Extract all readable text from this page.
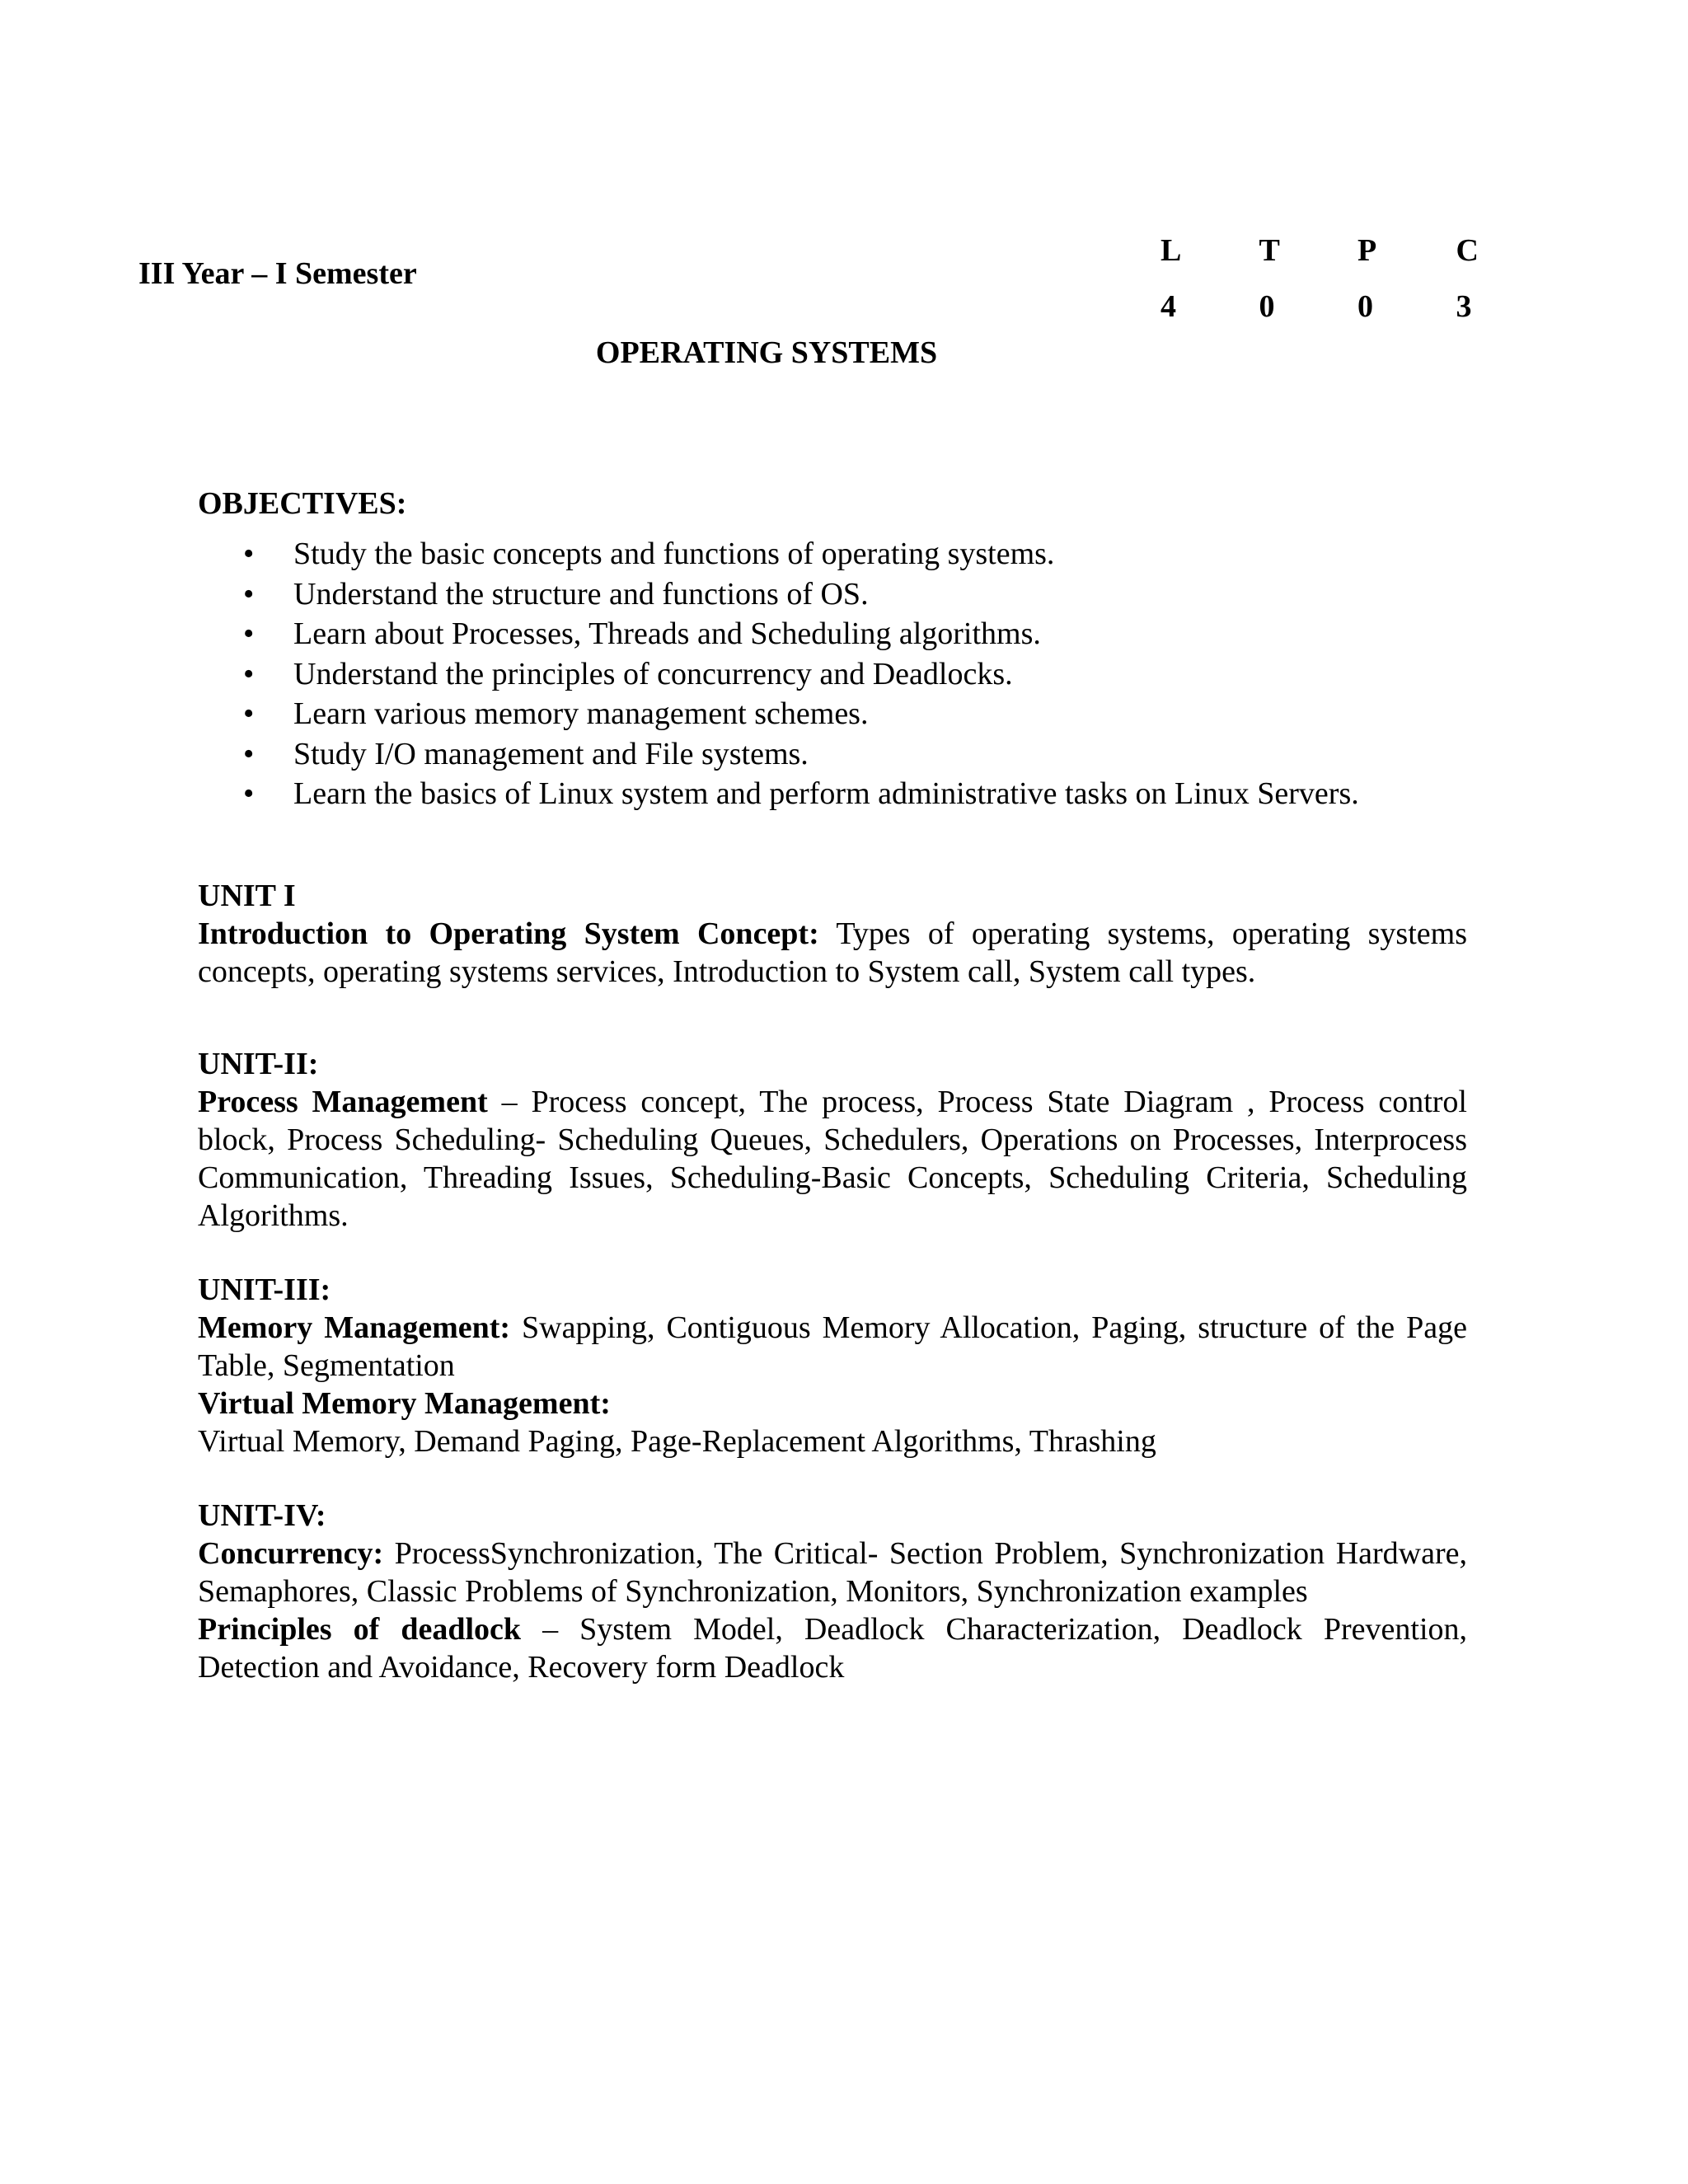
III Year – I Semester
L	T	P	C
4	0	0	3
OPERATING SYSTEMS
OBJECTIVES:
• Study the basic concepts and functions of operating systems.
• Understand the structure and functions of OS.
• Learn about Processes, Threads and Scheduling algorithms.
• Understand the principles of concurrency and Deadlocks.
• Learn various memory management schemes.
• Study I/O management and File systems.
• Learn the basics of Linux system and perform administrative tasks on Linux Servers.
UNIT I

Introduction to Operating System Concept: Types of operating systems, operating systems concepts, operating systems services, Introduction to System call, System call types.

UNIT-II:

Process Management – Process concept, The process, Process State Diagram , Process control block, Process Scheduling- Scheduling Queues, Schedulers, Operations on Processes, Interprocess Communication, Threading Issues, Scheduling-Basic Concepts, Scheduling Criteria, Scheduling Algorithms.

UNIT-III:

Memory Management: Swapping, Contiguous Memory Allocation, Paging, structure of the Page Table, Segmentation

Virtual Memory Management:

Virtual Memory, Demand Paging, Page-Replacement Algorithms, Thrashing

UNIT-IV:

Concurrency: ProcessSynchronization, The Critical- Section Problem, Synchronization Hardware, Semaphores, Classic Problems of Synchronization, Monitors, Synchronization examples

Principles of deadlock – System Model, Deadlock Characterization, Deadlock Prevention, Detection and Avoidance, Recovery form Deadlock
